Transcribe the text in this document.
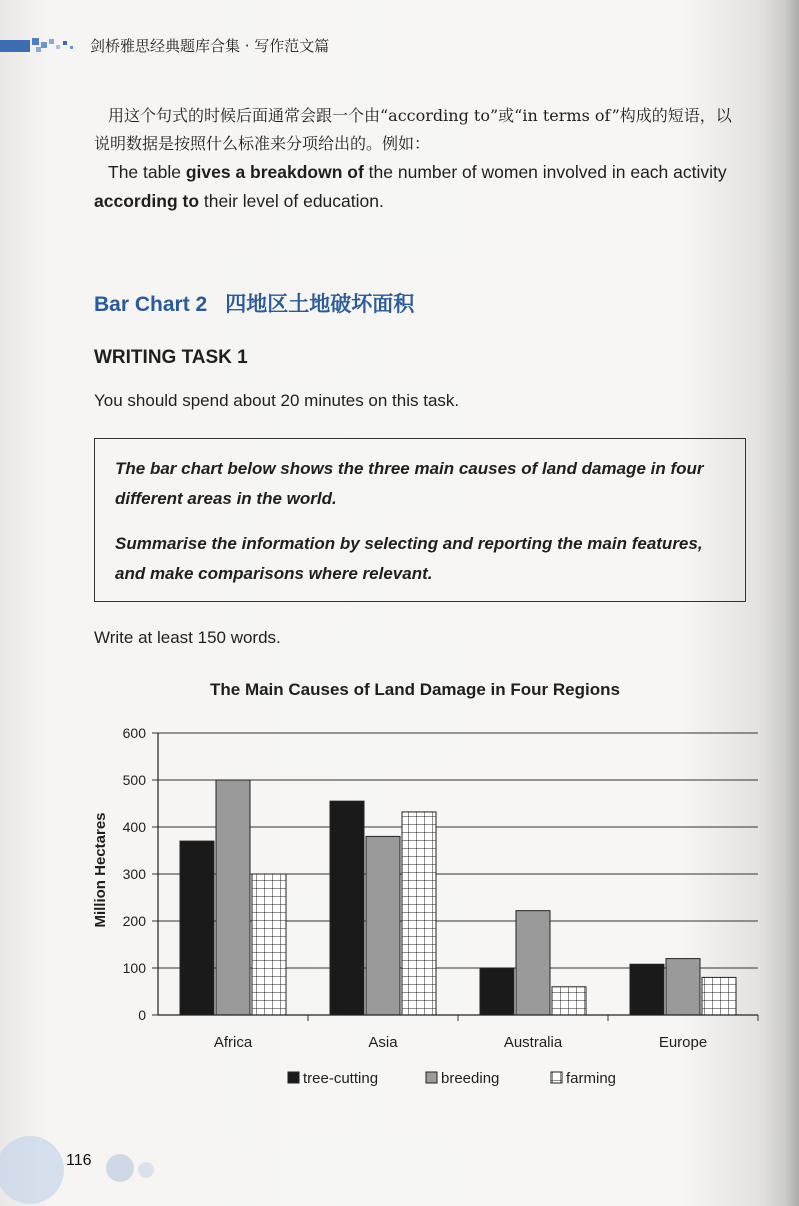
剑桥雅思经典题库合集 · 写作范文篇
用这个句式的时候后面通常会跟一个由“according to”或“in terms of”构成的短语，以说明数据是按照什么标准来分项给出的。例如：
The table gives a breakdown of the number of women involved in each activity according to their level of education.
Bar Chart 2 四地区土地破坏面积
WRITING TASK 1
You should spend about 20 minutes on this task.

The bar chart below shows the three main causes of land damage in four different areas in the world.

Summarise the information by selecting and reporting the main features, and make comparisons where relevant.

Write at least 150 words.
The Main Causes of Land Damage in Four Regions
0
100
200
300
400
500
600
Africa	Asia	Australia	Europe
Million Hectares
tree-cutting	breeding	farming
116
